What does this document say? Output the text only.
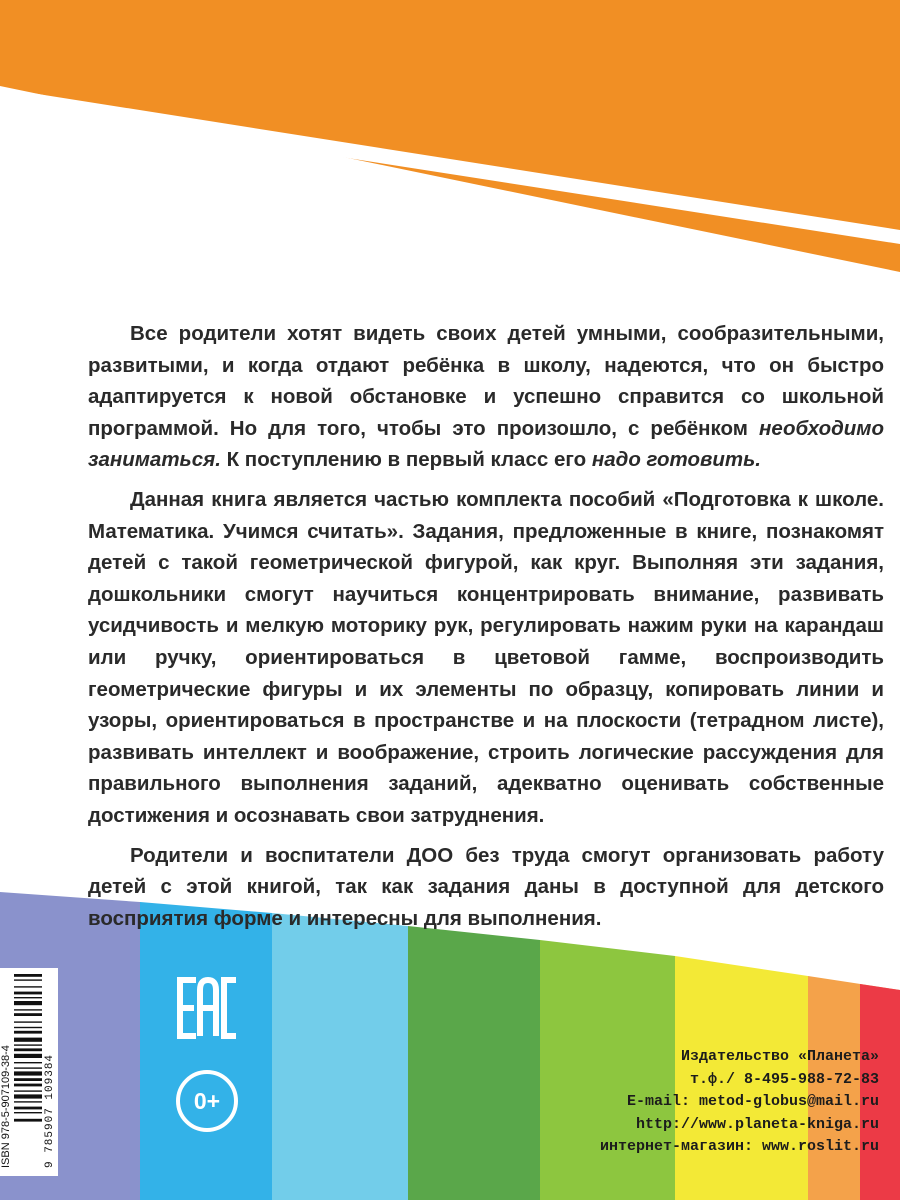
Все родители хотят видеть своих детей умными, сообразительными, развитыми, и когда отдают ребёнка в школу, надеются, что он быстро адаптируется к новой обстановке и успешно справится со школьной программой. Но для того, чтобы это произошло, с ребёнком необходимо заниматься. К поступлению в первый класс его надо готовить.

Данная книга является частью комплекта пособий «Подготовка к школе. Математика. Учимся считать». Задания, предложенные в книге, познакомят детей с такой геометрической фигурой, как круг. Выполняя эти задания, дошкольники смогут научиться концентрировать внимание, развивать усидчивость и мелкую моторику рук, регулировать нажим руки на карандаш или ручку, ориентироваться в цветовой гамме, воспроизводить геометрические фигуры и их элементы по образцу, копировать линии и узоры, ориентироваться в пространстве и на плоскости (тетрадном листе), развивать интеллект и воображение, строить логические рассуждения для правильного выполнения заданий, адекватно оценивать собственные достижения и осознавать свои затруднения.

Родители и воспитатели ДОО без труда смогут организовать работу детей с этой книгой, так как задания даны в доступной для детского восприятия форме и интересны для выполнения.

ISBN 978-5-907109-38-4	9 785907 109384	0+
Издательство «Планета»
т.ф./ 8-495-988-72-83
E-mail: metod-globus@mail.ru
http://www.planeta-kniga.ru
интернет-магазин: www.roslit.ru
